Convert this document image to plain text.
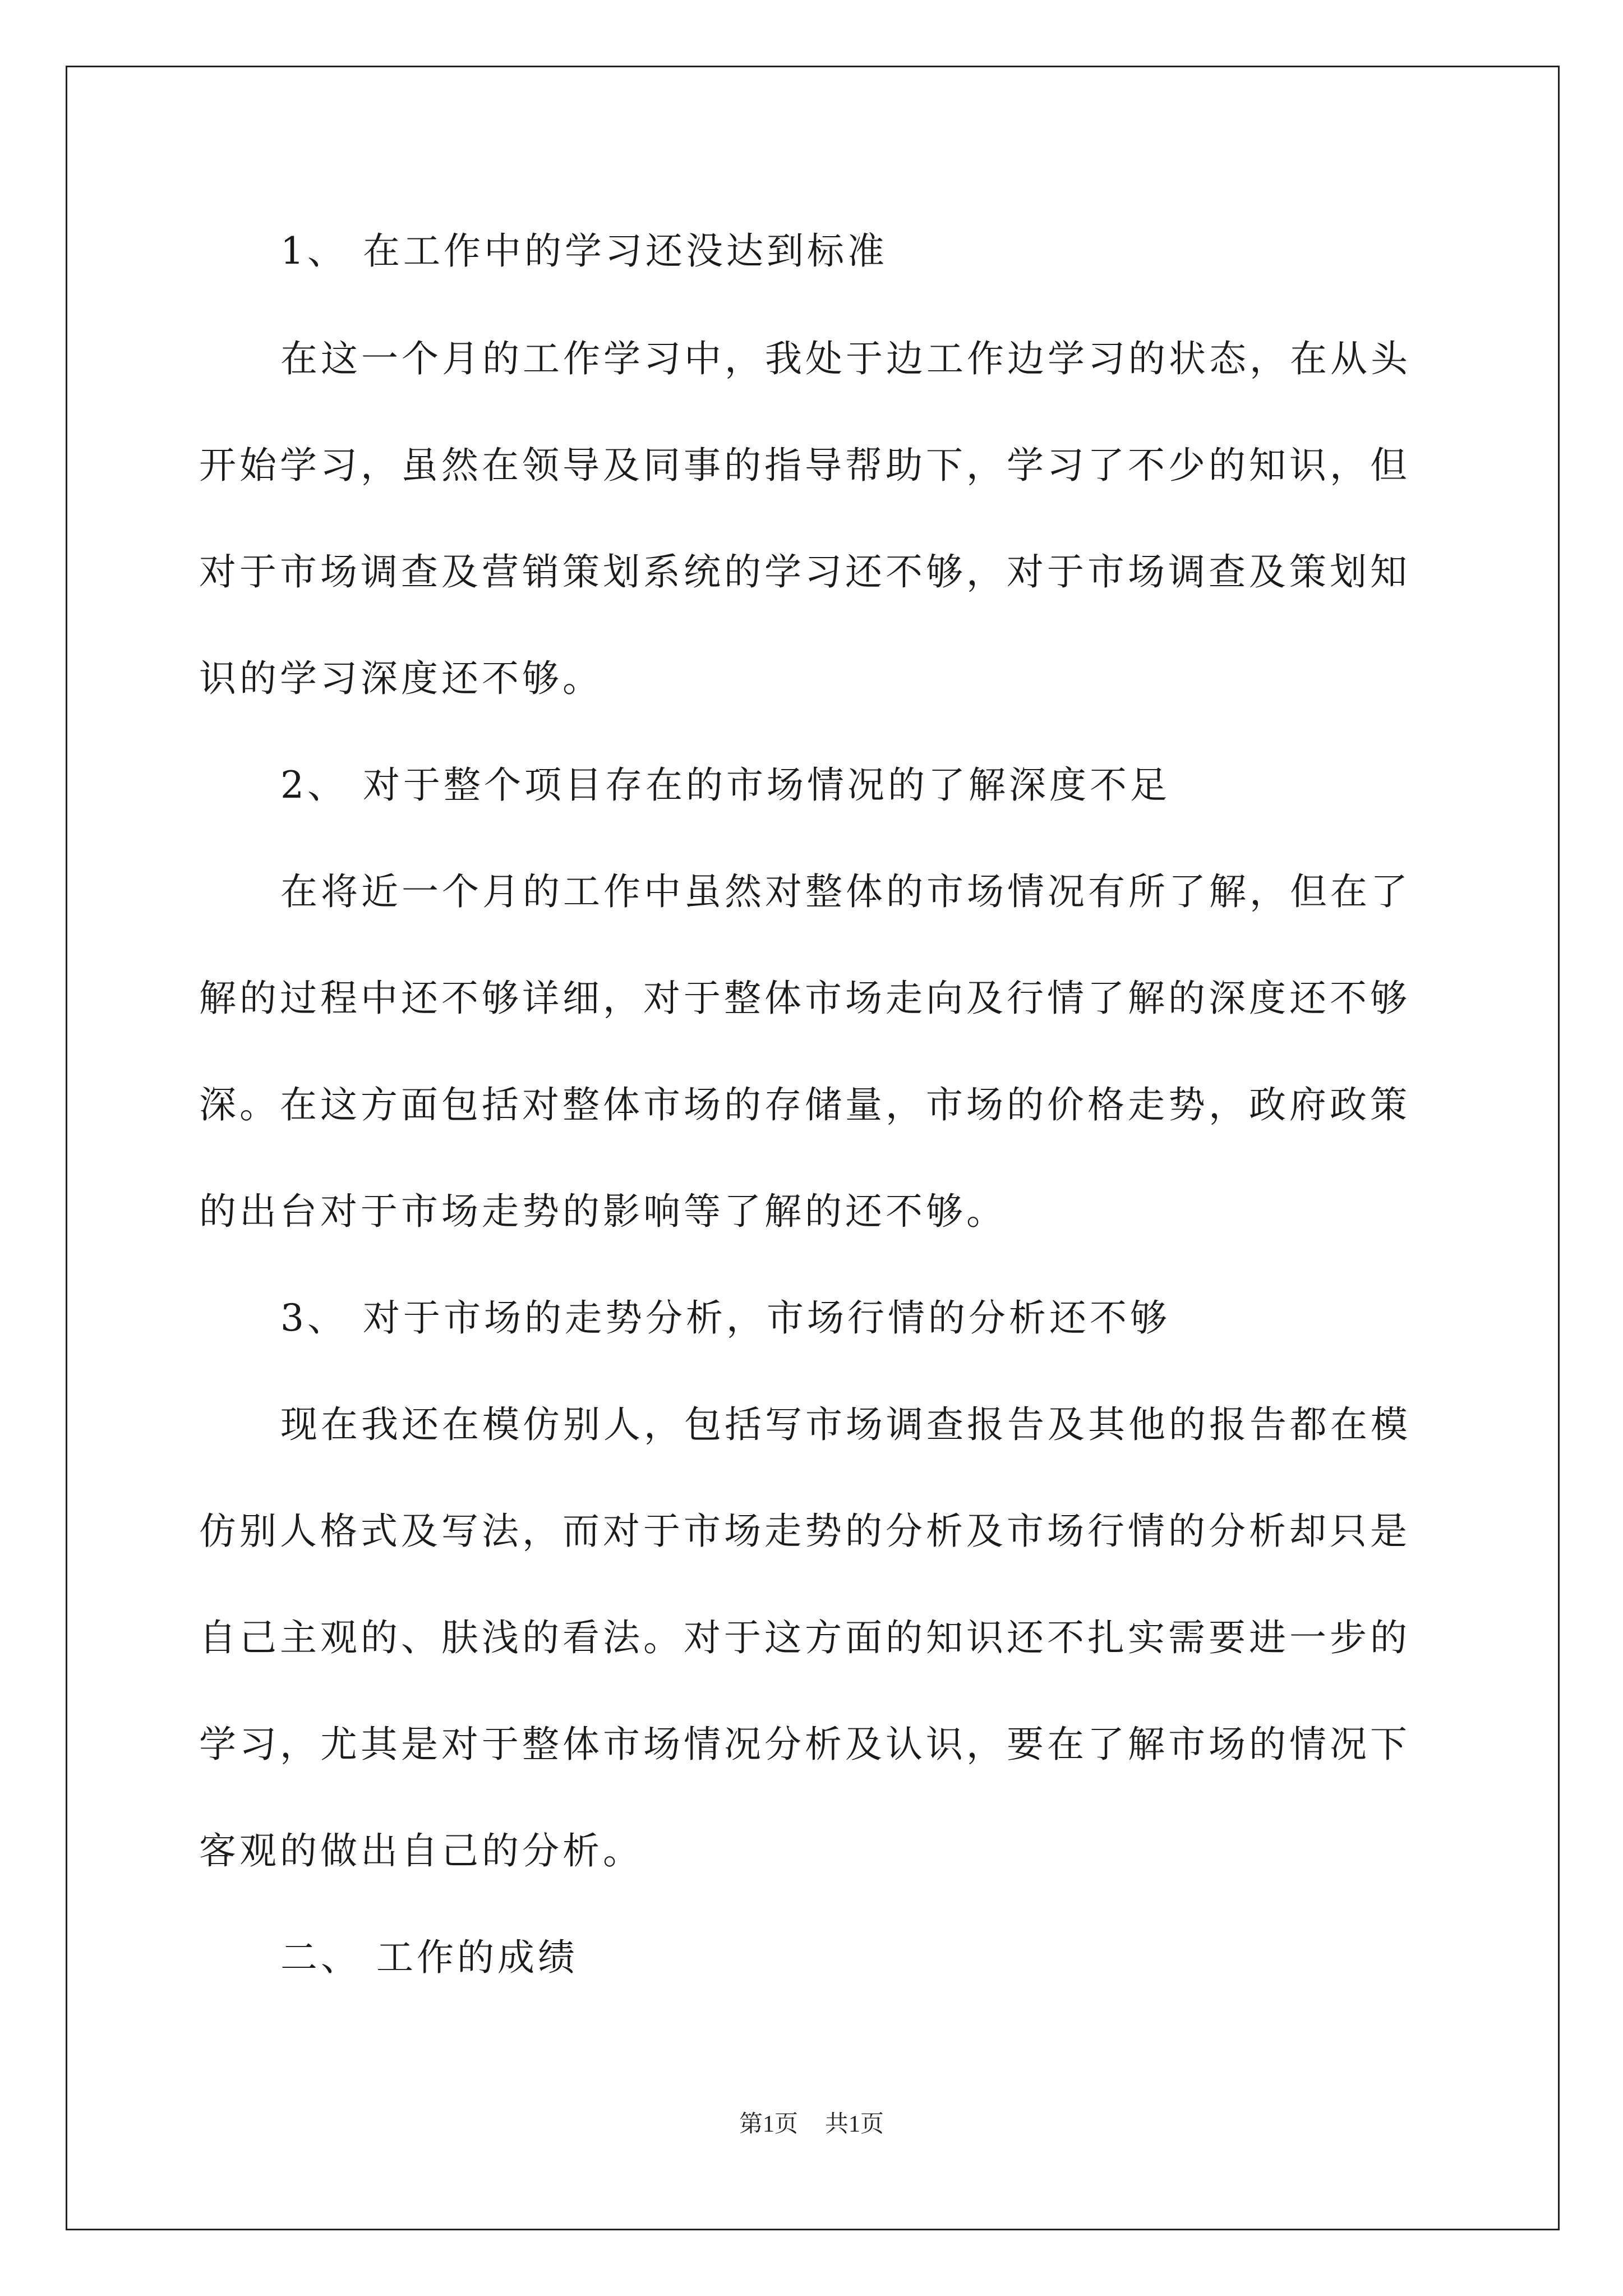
1、 在工作中的学习还没达到标准
在这一个月的工作学习中，我处于边工作边学习的状态，在从头
开始学习，虽然在领导及同事的指导帮助下，学习了不少的知识，但
对于市场调查及营销策划系统的学习还不够，对于市场调查及策划知
识的学习深度还不够。
2、 对于整个项目存在的市场情况的了解深度不足
在将近一个月的工作中虽然对整体的市场情况有所了解，但在了
解的过程中还不够详细，对于整体市场走向及行情了解的深度还不够
深。在这方面包括对整体市场的存储量，市场的价格走势，政府政策
的出台对于市场走势的影响等了解的还不够。
3、 对于市场的走势分析，市场行情的分析还不够
现在我还在模仿别人，包括写市场调查报告及其他的报告都在模
仿别人格式及写法，而对于市场走势的分析及市场行情的分析却只是
自己主观的、肤浅的看法。对于这方面的知识还不扎实需要进一步的
学习，尤其是对于整体市场情况分析及认识，要在了解市场的情况下
客观的做出自己的分析。
二、 工作的成绩
第1页 共1页
